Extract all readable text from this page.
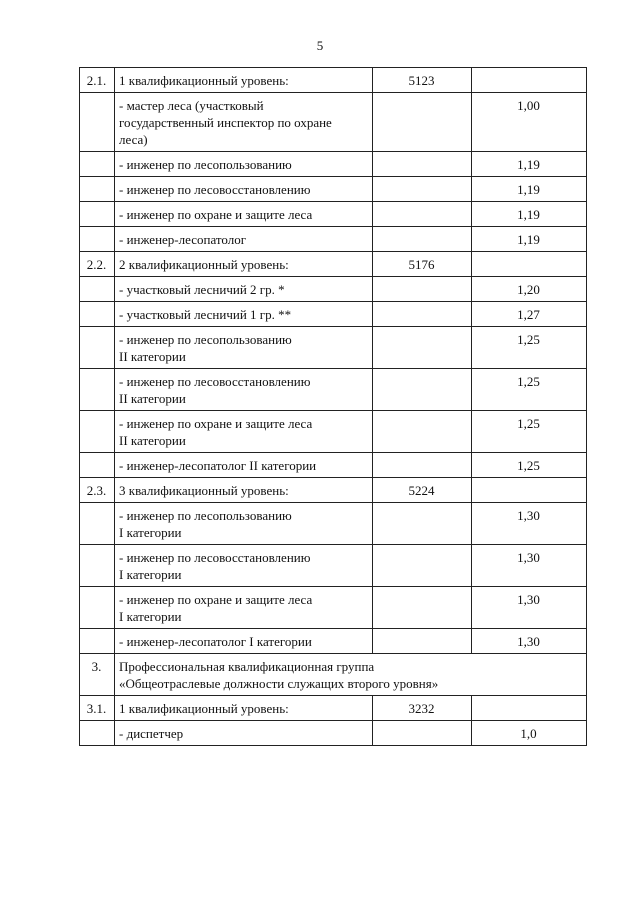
5
2.1.	1 квалификационный уровень:	5123	
	- мастер леса (участковый
государственный инспектор по охране
леса)		1,00
	- инженер по лесопользованию		1,19
	- инженер по лесовосстановлению		1,19
	- инженер по охране и защите леса		1,19
	- инженер-лесопатолог		1,19
2.2.	2 квалификационный уровень:	5176	
	- участковый лесничий 2 гр. *		1,20
	- участковый лесничий 1 гр. **		1,27
	- инженер по лесопользованию
II категории		1,25
	- инженер по лесовосстановлению
II категории		1,25
	- инженер по охране и защите леса
II категории		1,25
	- инженер-лесопатолог II категории		1,25
2.3.	3 квалификационный уровень:	5224	
	- инженер по лесопользованию
I категории		1,30
	- инженер по лесовосстановлению
I категории		1,30
	- инженер по охране и защите леса
I категории		1,30
	- инженер-лесопатолог I категории		1,30
3.	Профессиональная квалификационная группа
«Общеотраслевые должности служащих второго уровня»		
3.1.	1 квалификационный уровень:	3232	
	- диспетчер		1,0
